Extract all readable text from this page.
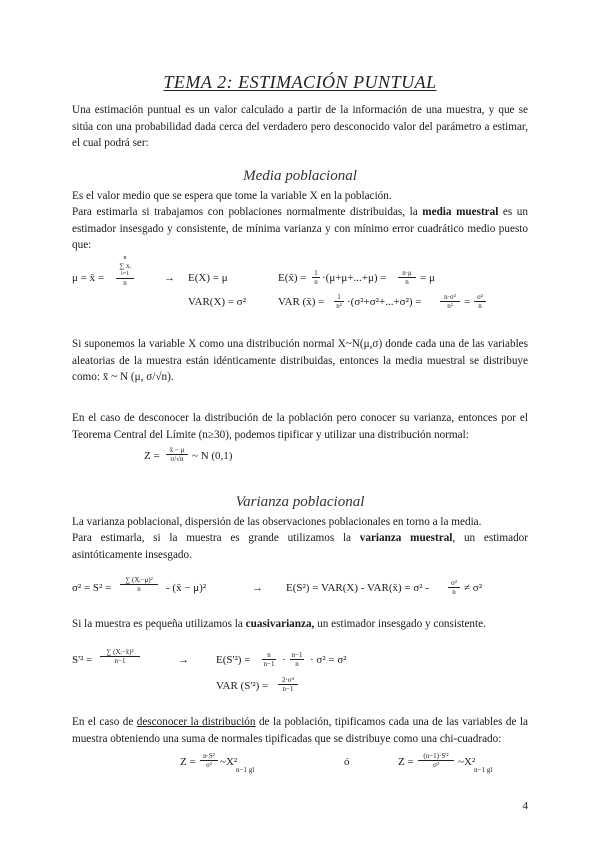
TEMA 2: ESTIMACIÓN PUNTUAL
Una estimación puntual es un valor calculado a partir de la información de una muestra, y que se sitúa con una probabilidad dada cerca del verdadero pero desconocido valor del parámetro a estimar, el cual podrá ser:
Media poblacional
Es el valor medio que se espera que tome la variable X en la población.
Para estimarla si trabajamos con poblaciones normalmente distribuidas, la media muestral es un estimador insesgado y consistente, de mínima varianza y con mínimo error cuadrático medio puesto que:
μ = x̄ =
n
∑ xᵢ
i=1
n	→ E(X) = μ	E(x̄) = $\frac{1}{n} \cdot(\mu+\mu+...+\mu) = \frac{n\cdot\mu}{n} = \mu$
VAR(X) = σ²	VAR (x̄) = $\frac{1}{\text{n²}} \cdot(\sigma^2+\sigma^2+...+\sigma^2)$ =	$\frac{\text{n·σ²}}{\text{n²}} = \frac{\text{σ²}}{n}$
Si suponemos la variable X como una distribución normal X~N(μ,σ) donde cada una de las variables aleatorias de la muestra están idénticamente distribuidas, entonces la media muestral se distribuye como: x̄ ~ N (μ, σ/√n).
En el caso de desconocer la distribución de la población pero conocer su varianza, entonces por el Teorema Central del Límite (n≥30), podemos tipificar y utilizar una distribución normal:
$Z = \frac{x̄ - \mu}{\sigma/√n}$ ~ N (0,1)
Varianza poblacional
La varianza poblacional, dispersión de las observaciones poblacionales en torno a la media.
Para estimarla, si la muestra es grande utilizamos la varianza muestral, un estimador asintóticamente insesgado.
$\sigma^2 = S^2 = \frac{\text{∑ (Xᵢ−μ)²}}{n}$ - (x̄ − μ)²	→ E(S²) = VAR(X) - VAR(x̄) = σ² -	$\frac{\text{σ²}}{n} \ne \sigma^2$
Si la muestra es pequeña utilizamos la cuasivarianza, un estimador insesgado y consistente.
$S'^2 = \frac{\text{∑ (Xᵢ−x̄)²}}{n-1}$	→ $E(S'^2) = \frac{n}{n-1} \cdot \frac{n-1}{n} \cdot \sigma^2 = \sigma^2$
VAR $(S'^2) = \frac{\text{2·σ⁴}}{n-1}$
En el caso de desconocer la distribución de la población, tipificamos cada una de las variables de la muestra obteniendo una suma de normales tipificadas que se distribuye como una chi-cuadrado:
$Z = \frac{\text{n·S²}}{\text{σ²}}$ ~X²
n−1 gl
ó	$Z = \frac{\text{(n−1)·S'²}}{\text{σ²}}$ ~X²
n−1 gl
4
